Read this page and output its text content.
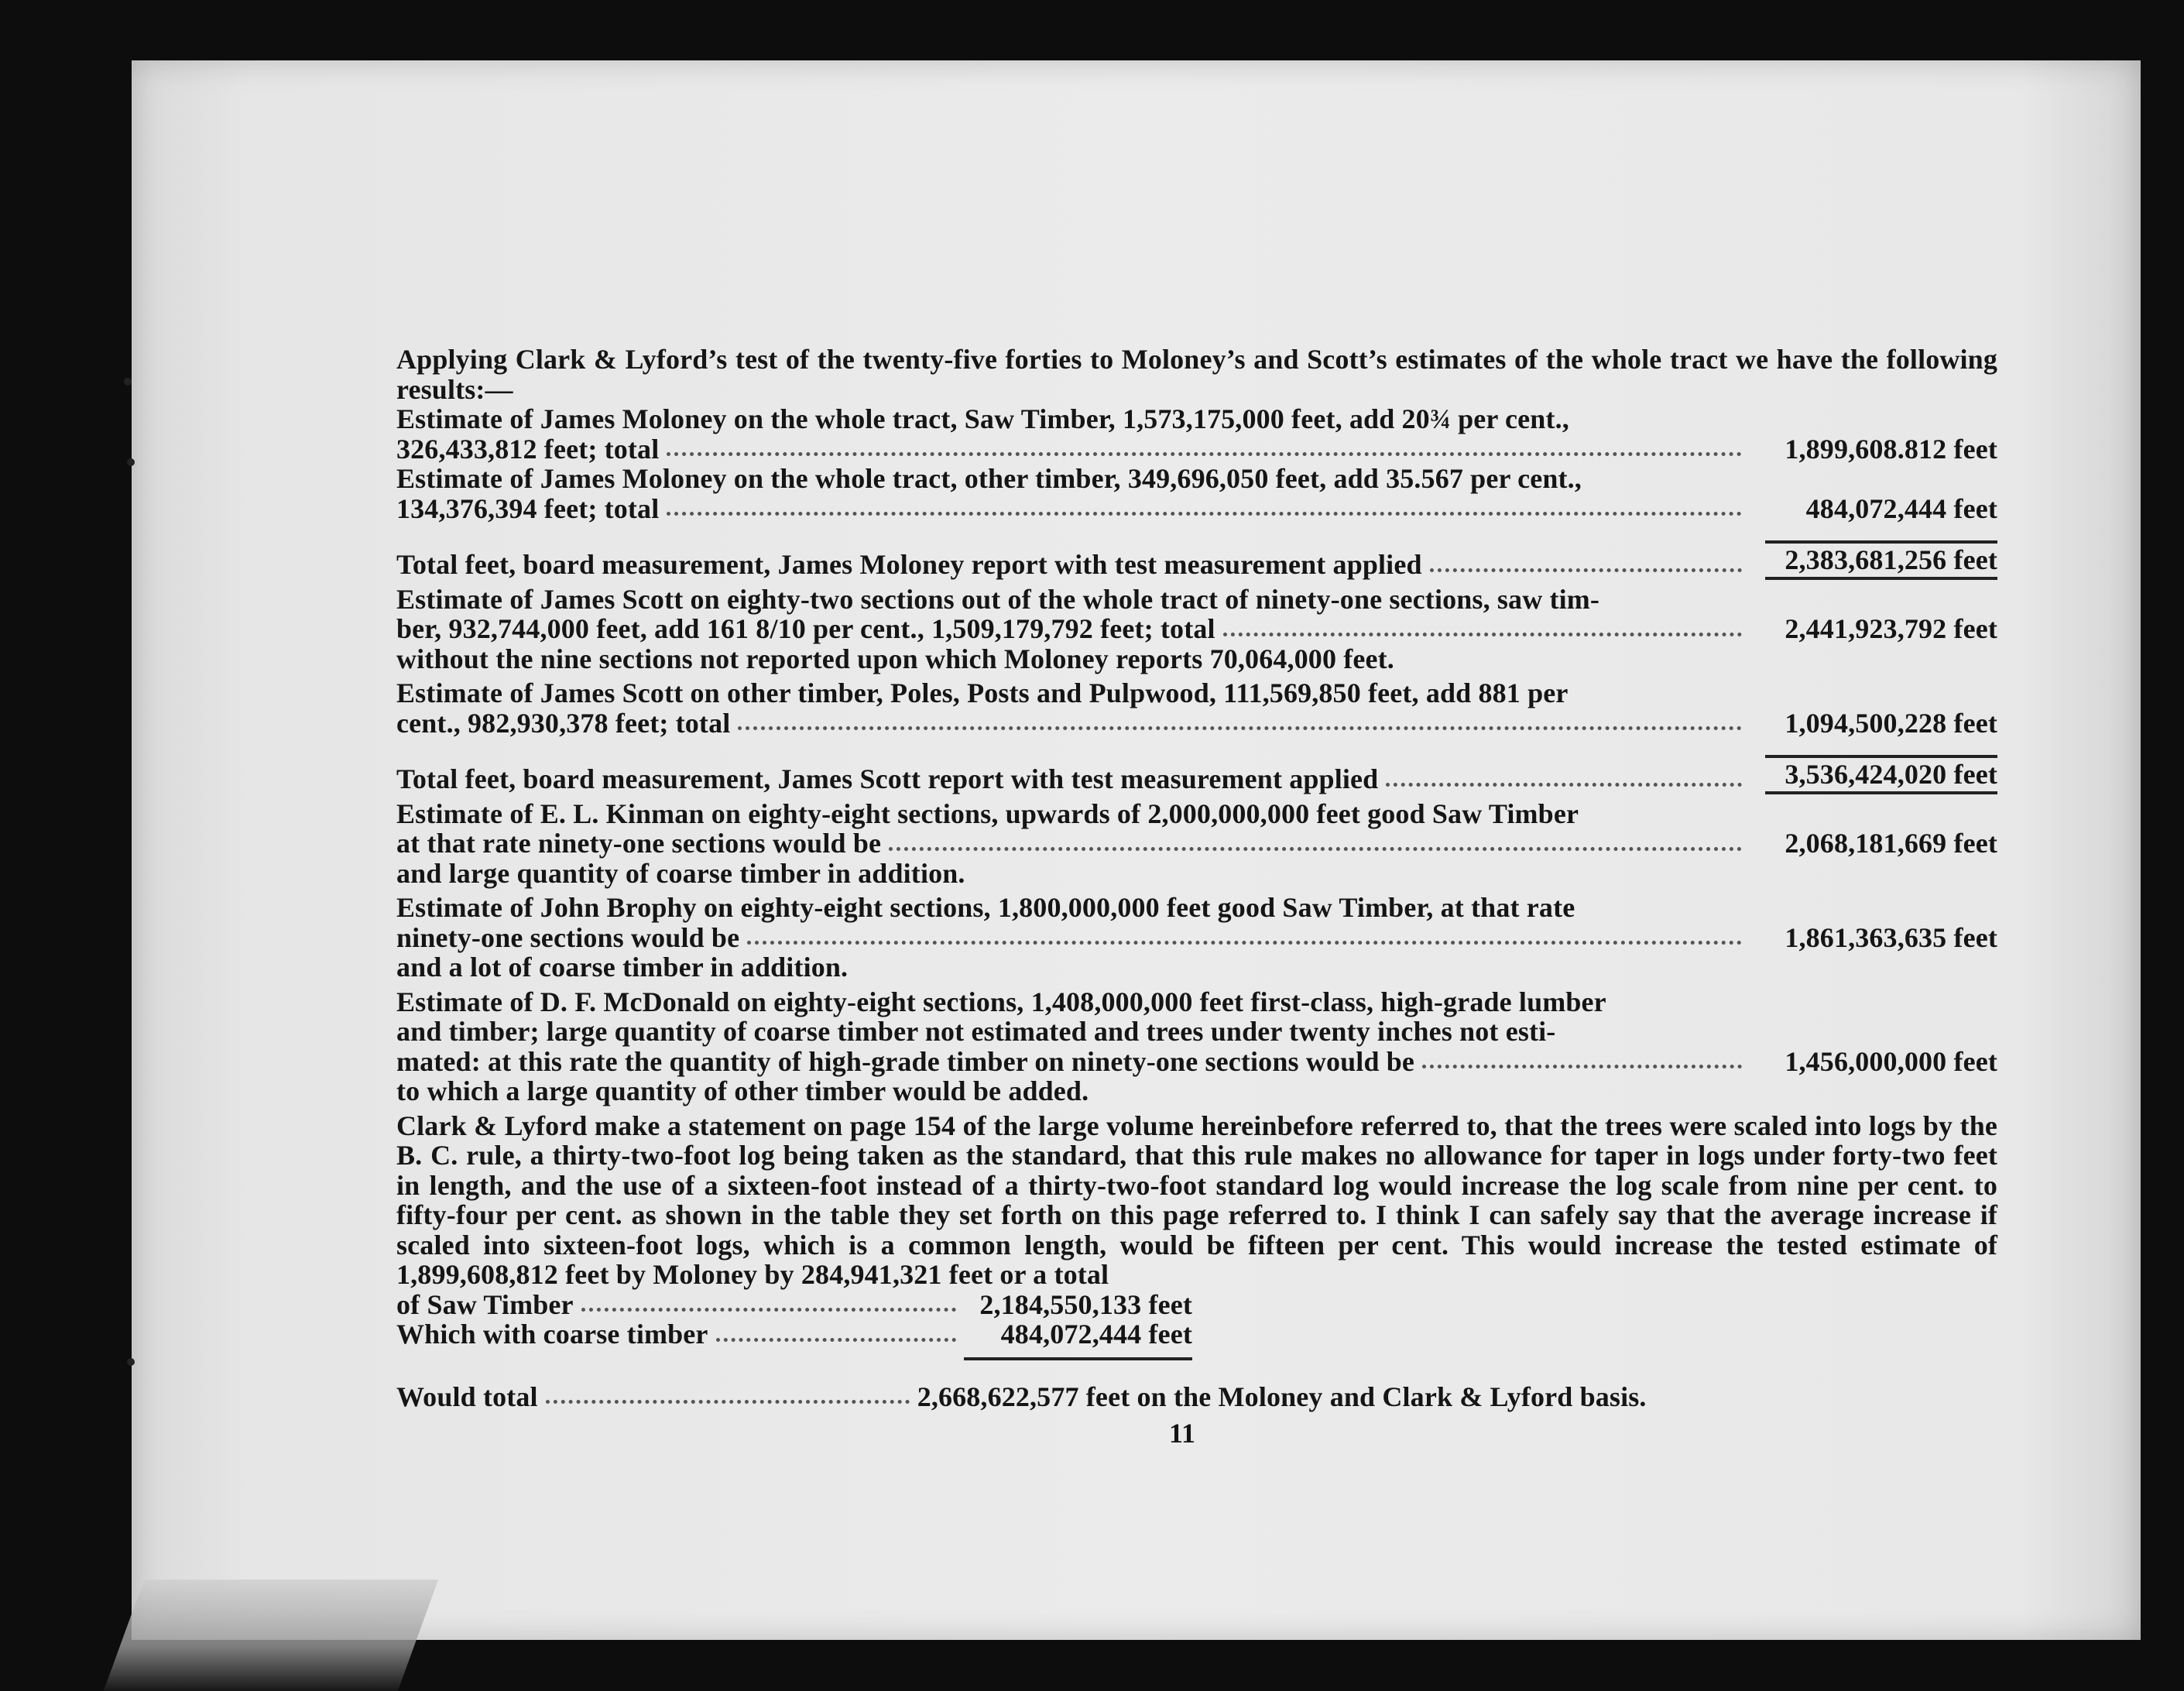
Applying Clark & Lyford’s test of the twenty-five forties to Moloney’s and Scott’s estimates of the whole tract we have the following results:—
Estimate of James Moloney on the whole tract, Saw Timber, 1,573,175,000 feet, add 20¾ per cent.,
326,433,812 feet; total	1,899,608.812 feet
Estimate of James Moloney on the whole tract, other timber, 349,696,050 feet, add 35.567 per cent.,
134,376,394 feet; total	484,072,444 feet
Total feet, board measurement, James Moloney report with test measurement applied	2,383,681,256 feet
Estimate of James Scott on eighty-two sections out of the whole tract of ninety-one sections, saw tim-
ber, 932,744,000 feet, add 161 8/10 per cent., 1,509,179,792 feet; total	2,441,923,792 feet
without the nine sections not reported upon which Moloney reports 70,064,000 feet.
Estimate of James Scott on other timber, Poles, Posts and Pulpwood, 111,569,850 feet, add 881 per
cent., 982,930,378 feet; total	1,094,500,228 feet
Total feet, board measurement, James Scott report with test measurement applied	3,536,424,020 feet
Estimate of E. L. Kinman on eighty-eight sections, upwards of 2,000,000,000 feet good Saw Timber
at that rate ninety-one sections would be	2,068,181,669 feet
and large quantity of coarse timber in addition.
Estimate of John Brophy on eighty-eight sections, 1,800,000,000 feet good Saw Timber, at that rate
ninety-one sections would be	1,861,363,635 feet
and a lot of coarse timber in addition.
Estimate of D. F. McDonald on eighty-eight sections, 1,408,000,000 feet first-class, high-grade lumber
and timber; large quantity of coarse timber not estimated and trees under twenty inches not esti-
mated: at this rate the quantity of high-grade timber on ninety-one sections would be	1,456,000,000 feet
to which a large quantity of other timber would be added.
Clark & Lyford make a statement on page 154 of the large volume hereinbefore referred to, that the trees were scaled into logs by the B. C. rule, a thirty-two-foot log being taken as the standard, that this rule makes no allowance for taper in logs under forty-two feet in length, and the use of a sixteen-foot instead of a thirty-two-foot standard log would increase the log scale from nine per cent. to fifty-four per cent. as shown in the table they set forth on this page referred to. I think I can safely say that the average increase if scaled into sixteen-foot logs, which is a common length, would be fifteen per cent. This would increase the tested estimate of 1,899,608,812 feet by Moloney by 284,941,321 feet or a total
of Saw Timber	2,184,550,133 feet
Which with coarse timber	484,072,444 feet
Would total	2,668,622,577 feet on the Moloney and Clark & Lyford basis.
11
